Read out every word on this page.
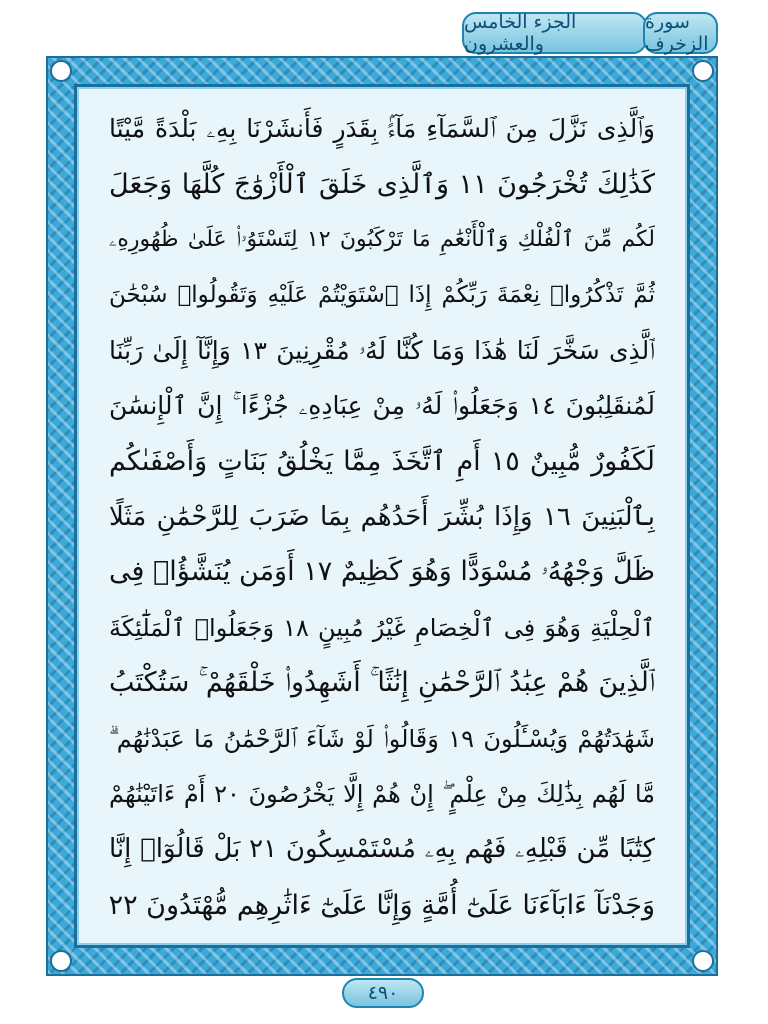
الجزء الخامس والعشرون
سورة الزخرف
وَٱلَّذِى نَزَّلَ مِنَ ٱلسَّمَآءِ مَآءًۢ بِقَدَرٍ فَأَنشَرْنَا بِهِۦ بَلْدَةً مَّيْتًا
كَذَٰلِكَ تُخْرَجُونَ ١١ وَٱلَّذِى خَلَقَ ٱلْأَزْوَٰجَ كُلَّهَا وَجَعَلَ
لَكُم مِّنَ ٱلْفُلْكِ وَٱلْأَنْعَٰمِ مَا تَرْكَبُونَ ١٢ لِتَسْتَوُۥا۟ عَلَىٰ ظُهُورِهِۦ
ثُمَّ تَذْكُرُوا۟ نِعْمَةَ رَبِّكُمْ إِذَا ٱسْتَوَيْتُمْ عَلَيْهِ وَتَقُولُوا۟ سُبْحَٰنَ
ٱلَّذِى سَخَّرَ لَنَا هَٰذَا وَمَا كُنَّا لَهُۥ مُقْرِنِينَ ١٣ وَإِنَّآ إِلَىٰ رَبِّنَا
لَمُنقَلِبُونَ ١٤ وَجَعَلُوا۟ لَهُۥ مِنْ عِبَادِهِۦ جُزْءًا ۚ إِنَّ ٱلْإِنسَٰنَ
لَكَفُورٌ مُّبِينٌ ١٥ أَمِ ٱتَّخَذَ مِمَّا يَخْلُقُ بَنَاتٍ وَأَصْفَىٰكُم
بِٱلْبَنِينَ ١٦ وَإِذَا بُشِّرَ أَحَدُهُم بِمَا ضَرَبَ لِلرَّحْمَٰنِ مَثَلًا
ظَلَّ وَجْهُهُۥ مُسْوَدًّا وَهُوَ كَظِيمٌ ١٧ أَوَمَن يُنَشَّؤُا۟ فِى
ٱلْحِلْيَةِ وَهُوَ فِى ٱلْخِصَامِ غَيْرُ مُبِينٍ ١٨ وَجَعَلُوا۟ ٱلْمَلَٰٓئِكَةَ
ٱلَّذِينَ هُمْ عِبَٰدُ ٱلرَّحْمَٰنِ إِنَٰثًا ۚ أَشَهِدُوا۟ خَلْقَهُمْ ۚ سَتُكْتَبُ
شَهَٰدَتُهُمْ وَيُسْـَٔلُونَ ١٩ وَقَالُوا۟ لَوْ شَآءَ ٱلرَّحْمَٰنُ مَا عَبَدْنَٰهُم ۗ
مَّا لَهُم بِذَٰلِكَ مِنْ عِلْمٍ ۖ إِنْ هُمْ إِلَّا يَخْرُصُونَ ٢٠ أَمْ ءَاتَيْنَٰهُمْ
كِتَٰبًا مِّن قَبْلِهِۦ فَهُم بِهِۦ مُسْتَمْسِكُونَ ٢١ بَلْ قَالُوٓا۟ إِنَّا
وَجَدْنَآ ءَابَآءَنَا عَلَىٰٓ أُمَّةٍ وَإِنَّا عَلَىٰٓ ءَاثَٰرِهِم مُّهْتَدُونَ ٢٢
٤٩٠
